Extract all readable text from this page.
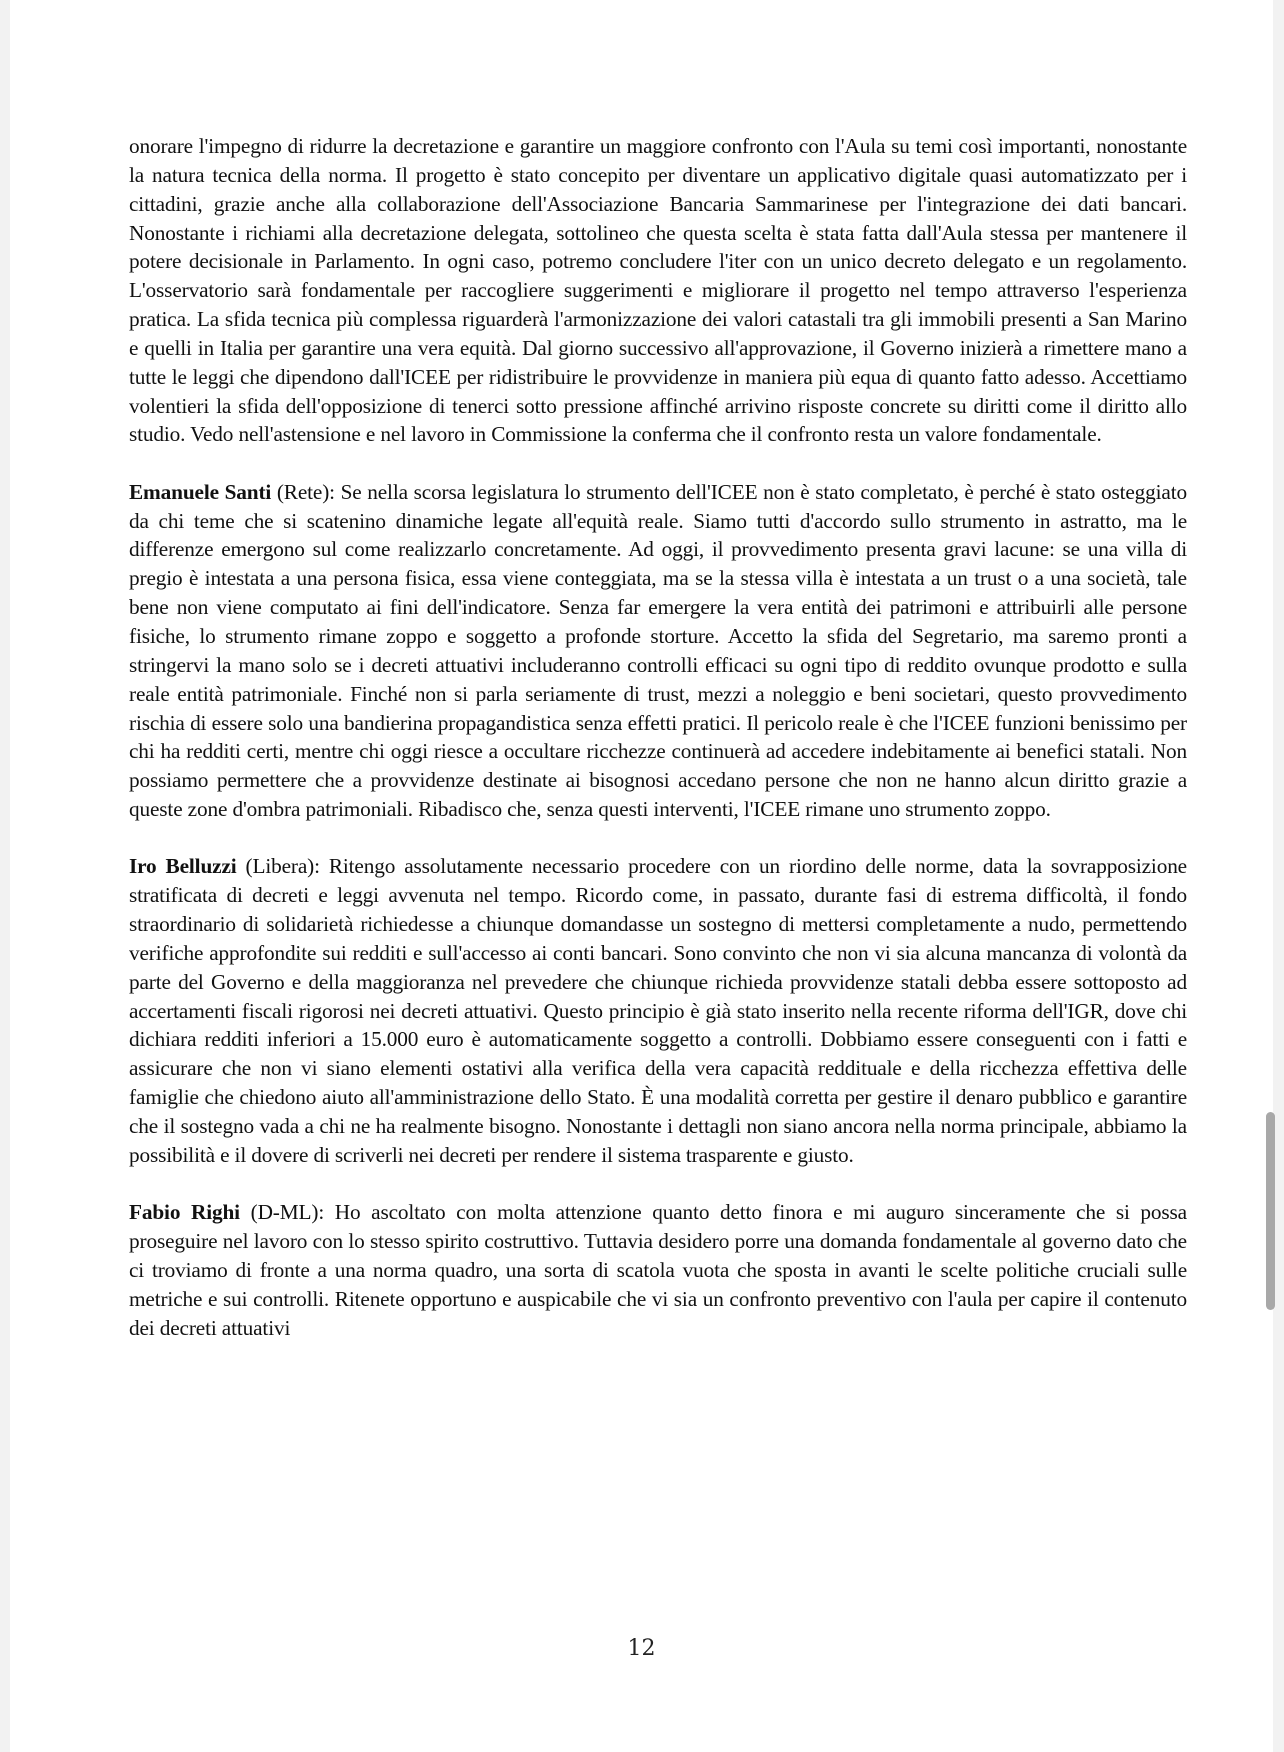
onorare l'impegno di ridurre la decretazione e garantire un maggiore confronto con l'Aula su temi così importanti, nonostante la natura tecnica della norma. Il progetto è stato concepito per diventare un applicativo digitale quasi automatizzato per i cittadini, grazie anche alla collaborazione dell'Associazione Bancaria Sammarinese per l'integrazione dei dati bancari. Nonostante i richiami alla decretazione delegata, sottolineo che questa scelta è stata fatta dall'Aula stessa per mantenere il potere decisionale in Parlamento. In ogni caso, potremo concludere l'iter con un unico decreto delegato e un regolamento. L'osservatorio sarà fondamentale per raccogliere suggerimenti e migliorare il progetto nel tempo attraverso l'esperienza pratica. La sfida tecnica più complessa riguarderà l'armonizzazione dei valori catastali tra gli immobili presenti a San Marino e quelli in Italia per garantire una vera equità. Dal giorno successivo all'approvazione, il Governo inizierà a rimettere mano a tutte le leggi che dipendono dall'ICEE per ridistribuire le provvidenze in maniera più equa di quanto fatto adesso. Accettiamo volentieri la sfida dell'opposizione di tenerci sotto pressione affinché arrivino risposte concrete su diritti come il diritto allo studio. Vedo nell'astensione e nel lavoro in Commissione la conferma che il confronto resta un valore fondamentale.

Emanuele Santi (Rete): Se nella scorsa legislatura lo strumento dell'ICEE non è stato completato, è perché è stato osteggiato da chi teme che si scatenino dinamiche legate all'equità reale. Siamo tutti d'accordo sullo strumento in astratto, ma le differenze emergono sul come realizzarlo concretamente. Ad oggi, il provvedimento presenta gravi lacune: se una villa di pregio è intestata a una persona fisica, essa viene conteggiata, ma se la stessa villa è intestata a un trust o a una società, tale bene non viene computato ai fini dell'indicatore. Senza far emergere la vera entità dei patrimoni e attribuirli alle persone fisiche, lo strumento rimane zoppo e soggetto a profonde storture. Accetto la sfida del Segretario, ma saremo pronti a stringervi la mano solo se i decreti attuativi includeranno controlli efficaci su ogni tipo di reddito ovunque prodotto e sulla reale entità patrimoniale. Finché non si parla seriamente di trust, mezzi a noleggio e beni societari, questo provvedimento rischia di essere solo una bandierina propagandistica senza effetti pratici. Il pericolo reale è che l'ICEE funzioni benissimo per chi ha redditi certi, mentre chi oggi riesce a occultare ricchezze continuerà ad accedere indebitamente ai benefici statali. Non possiamo permettere che a provvidenze destinate ai bisognosi accedano persone che non ne hanno alcun diritto grazie a queste zone d'ombra patrimoniali. Ribadisco che, senza questi interventi, l'ICEE rimane uno strumento zoppo.

Iro Belluzzi (Libera): Ritengo assolutamente necessario procedere con un riordino delle norme, data la sovrapposizione stratificata di decreti e leggi avvenuta nel tempo. Ricordo come, in passato, durante fasi di estrema difficoltà, il fondo straordinario di solidarietà richiedesse a chiunque domandasse un sostegno di mettersi completamente a nudo, permettendo verifiche approfondite sui redditi e sull'accesso ai conti bancari. Sono convinto che non vi sia alcuna mancanza di volontà da parte del Governo e della maggioranza nel prevedere che chiunque richieda provvidenze statali debba essere sottoposto ad accertamenti fiscali rigorosi nei decreti attuativi. Questo principio è già stato inserito nella recente riforma dell'IGR, dove chi dichiara redditi inferiori a 15.000 euro è automaticamente soggetto a controlli. Dobbiamo essere conseguenti con i fatti e assicurare che non vi siano elementi ostativi alla verifica della vera capacità reddituale e della ricchezza effettiva delle famiglie che chiedono aiuto all'amministrazione dello Stato. È una modalità corretta per gestire il denaro pubblico e garantire che il sostegno vada a chi ne ha realmente bisogno. Nonostante i dettagli non siano ancora nella norma principale, abbiamo la possibilità e il dovere di scriverli nei decreti per rendere il sistema trasparente e giusto.

Fabio Righi (D-ML): Ho ascoltato con molta attenzione quanto detto finora e mi auguro sinceramente che si possa proseguire nel lavoro con lo stesso spirito costruttivo. Tuttavia desidero porre una domanda fondamentale al governo dato che ci troviamo di fronte a una norma quadro, una sorta di scatola vuota che sposta in avanti le scelte politiche cruciali sulle metriche e sui controlli. Ritenete opportuno e auspicabile che vi sia un confronto preventivo con l'aula per capire il contenuto dei decreti attuativi

12
